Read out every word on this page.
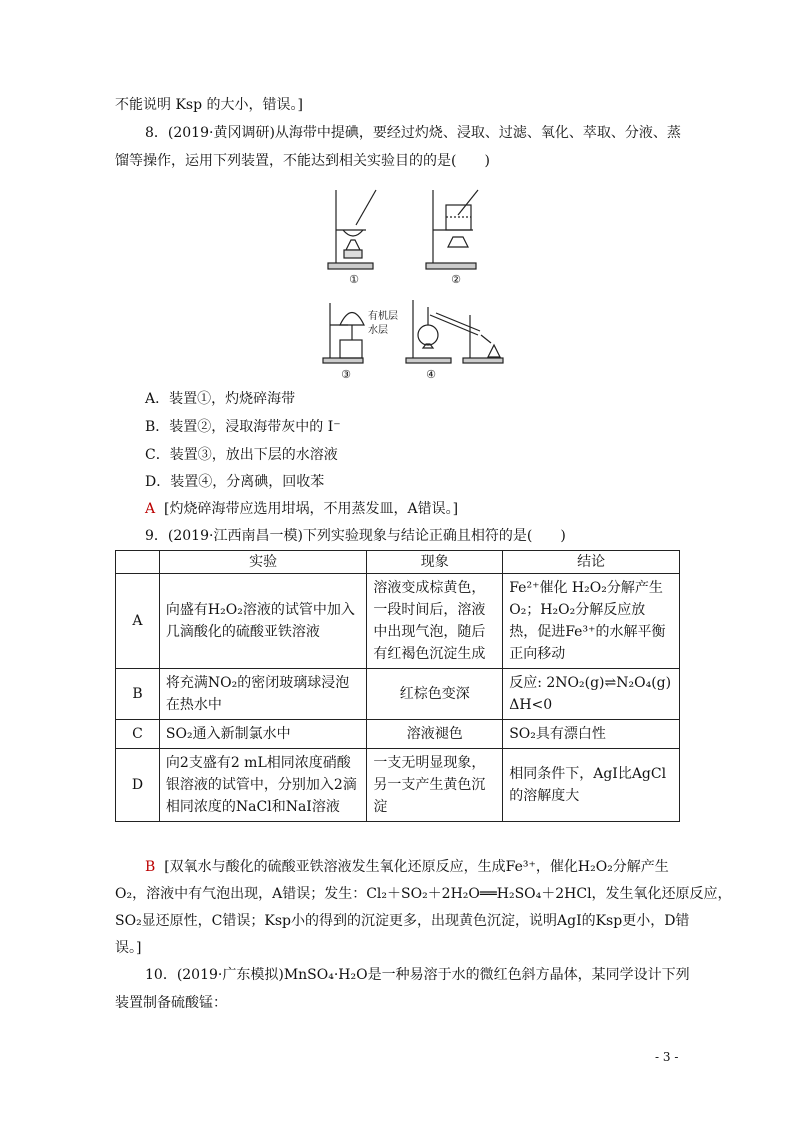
不能说明 Ksp 的大小，错误。]
8．(2019·黄冈调研)从海带中提碘，要经过灼烧、浸取、过滤、氧化、萃取、分液、蒸
馏等操作，运用下列装置，不能达到相关实验目的的是(　　)
①	②
③	④
有机层
水层
A．装置①，灼烧碎海带
B．装置②，浸取海带灰中的 I⁻
C．装置③，放出下层的水溶液
D．装置④，分离碘，回收苯
A [灼烧碎海带应选用坩埚，不用蒸发皿，A错误。]
9．(2019·江西南昌一模)下列实验现象与结论正确且相符的是(　　)
	实验	现象	结论
A	向盛有H₂O₂溶液的试管中加入几滴酸化的硫酸亚铁溶液	溶液变成棕黄色，一段时间后，溶液中出现气泡，随后有红褐色沉淀生成	Fe²⁺催化 H₂O₂分解产生O₂；H₂O₂分解反应放热，促进Fe³⁺的水解平衡正向移动
B	将充满NO₂的密闭玻璃球浸泡在热水中	红棕色变深	反应: 2NO₂(g)⇌N₂O₄(g) ΔH<0
C	SO₂通入新制氯水中	溶液褪色	SO₂具有漂白性
D	向2支盛有2 mL相同浓度硝酸银溶液的试管中，分别加入2滴相同浓度的NaCl和NaI溶液	一支无明显现象，另一支产生黄色沉淀	相同条件下，AgI比AgCl的溶解度大
B [双氧水与酸化的硫酸亚铁溶液发生氧化还原反应，生成Fe³⁺，催化H₂O₂分解产生
O₂，溶液中有气泡出现，A错误；发生：Cl₂＋SO₂＋2H₂O══H₂SO₄＋2HCl，发生氧化还原反应，
SO₂显还原性，C错误；Ksp小的得到的沉淀更多，出现黄色沉淀，说明AgI的Ksp更小，D错
误。]
10．(2019·广东模拟)MnSO₄·H₂O是一种易溶于水的微红色斜方晶体，某同学设计下列
装置制备硫酸锰：
- 3 -
